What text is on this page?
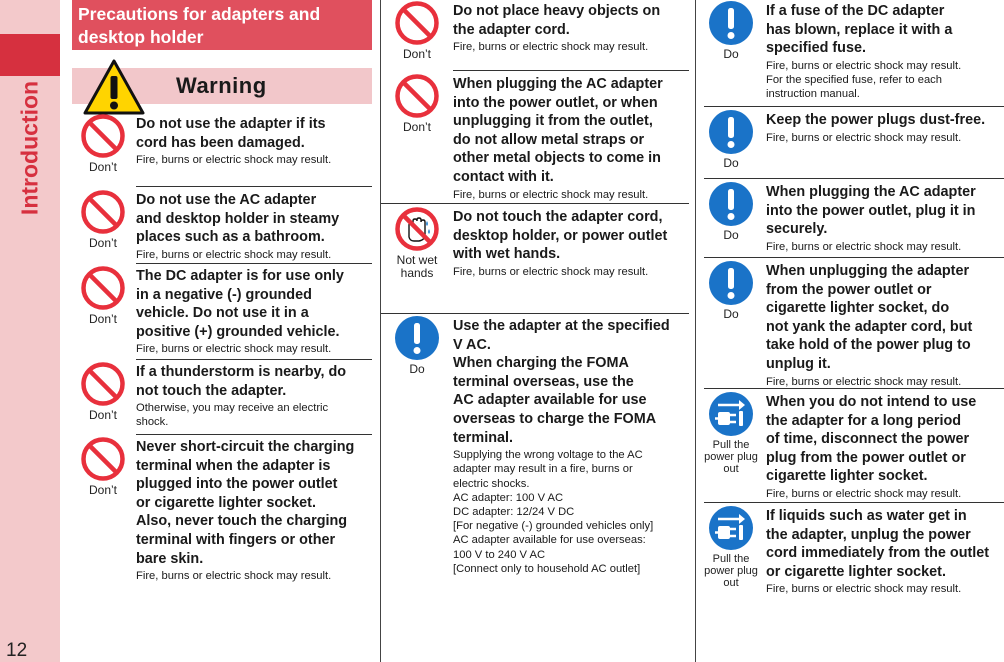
Introduction
12
Precautions for adapters and
desktop holder
Warning
Don’t
Do not use the adapter if its
cord has been damaged.
Fire, burns or electric shock may result.
Don’t
Do not use the AC adapter
and desktop holder in steamy
places such as a bathroom.
Fire, burns or electric shock may result.
Don’t
The DC adapter is for use only
in a negative (-) grounded
vehicle. Do not use it in a
positive (+) grounded vehicle.
Fire, burns or electric shock may result.
Don’t
If a thunderstorm is nearby, do
not touch the adapter.
Otherwise, you may receive an electric
shock.
Don’t
Never short-circuit the charging
terminal when the adapter is
plugged into the power outlet
or cigarette lighter socket.
Also, never touch the charging
terminal with fingers or other
bare skin.
Fire, burns or electric shock may result.
Don’t
Do not place heavy objects on
the adapter cord.
Fire, burns or electric shock may result.
Don’t
When plugging the AC adapter
into the power outlet, or when
unplugging it from the outlet,
do not allow metal straps or
other metal objects to come in
contact with it.
Fire, burns or electric shock may result.
Not wet
hands
Do not touch the adapter cord,
desktop holder, or power outlet
with wet hands.
Fire, burns or electric shock may result.
Do
Use the adapter at the specified
V AC.
When charging the FOMA
terminal overseas, use the
AC adapter available for use
overseas to charge the FOMA
terminal.
Supplying the wrong voltage to the AC
adapter may result in a fire, burns or
electric shocks.
AC adapter: 100 V AC
DC adapter: 12/24 V DC
[For negative (-) grounded vehicles only]
AC adapter available for use overseas:
100 V to 240 V AC
[Connect only to household AC outlet]
Do
If a fuse of the DC adapter
has blown, replace it with a
specified fuse.
Fire, burns or electric shock may result.
For the specified fuse, refer to each
instruction manual.
Do
Keep the power plugs dust-free.
Fire, burns or electric shock may result.
Do
When plugging the AC adapter
into the power outlet, plug it in
securely.
Fire, burns or electric shock may result.
Do
When unplugging the adapter
from the power outlet or
cigarette lighter socket, do
not yank the adapter cord, but
take hold of the power plug to
unplug it.
Fire, burns or electric shock may result.
Pull the
power plug
out
When you do not intend to use
the adapter for a long period
of time, disconnect the power
plug from the power outlet or
cigarette lighter socket.
Fire, burns or electric shock may result.
Pull the
power plug
out
If liquids such as water get in
the adapter, unplug the power
cord immediately from the outlet
or cigarette lighter socket.
Fire, burns or electric shock may result.
